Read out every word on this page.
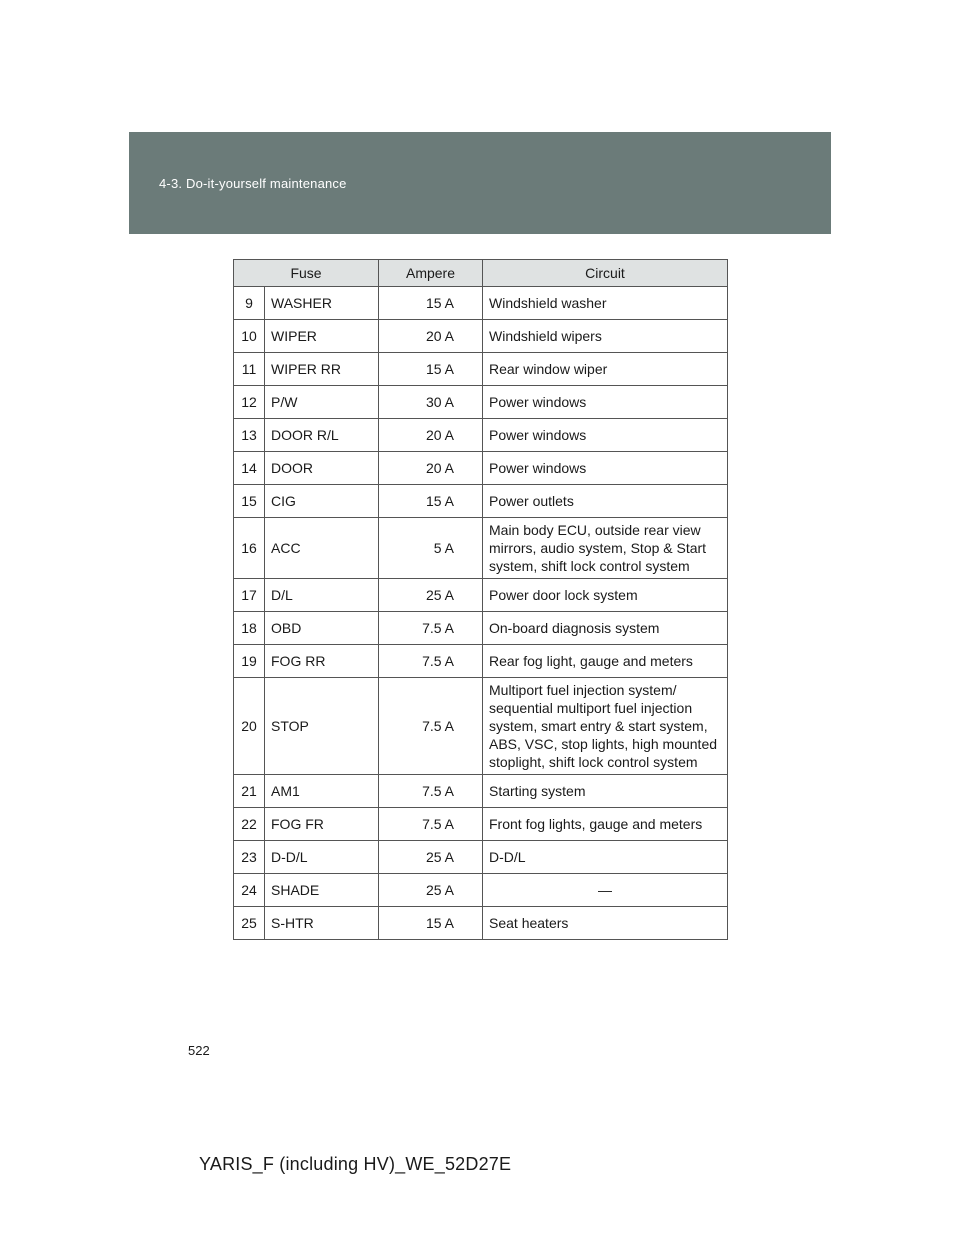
4-3. Do-it-yourself maintenance
Fuse		Ampere	Circuit
9	WASHER	15 A	Windshield washer
10	WIPER	20 A	Windshield wipers
11	WIPER RR	15 A	Rear window wiper
12	P/W	30 A	Power windows
13	DOOR R/L	20 A	Power windows
14	DOOR	20 A	Power windows
15	CIG	15 A	Power outlets
16	ACC	5 A	Main body ECU, outside rear view mirrors, audio system, Stop & Start system, shift lock control system
17	D/L	25 A	Power door lock system
18	OBD	7.5 A	On-board diagnosis system
19	FOG RR	7.5 A	Rear fog light, gauge and meters
20	STOP	7.5 A	Multiport fuel injection system/ sequential multiport fuel injection system, smart entry & start system, ABS, VSC, stop lights, high mounted stoplight, shift lock control system
21	AM1	7.5 A	Starting system
22	FOG FR	7.5 A	Front fog lights, gauge and meters
23	D-D/L	25 A	D-D/L
24	SHADE	25 A	—
25	S-HTR	15 A	Seat heaters
522
YARIS_F (including HV)_WE_52D27E
